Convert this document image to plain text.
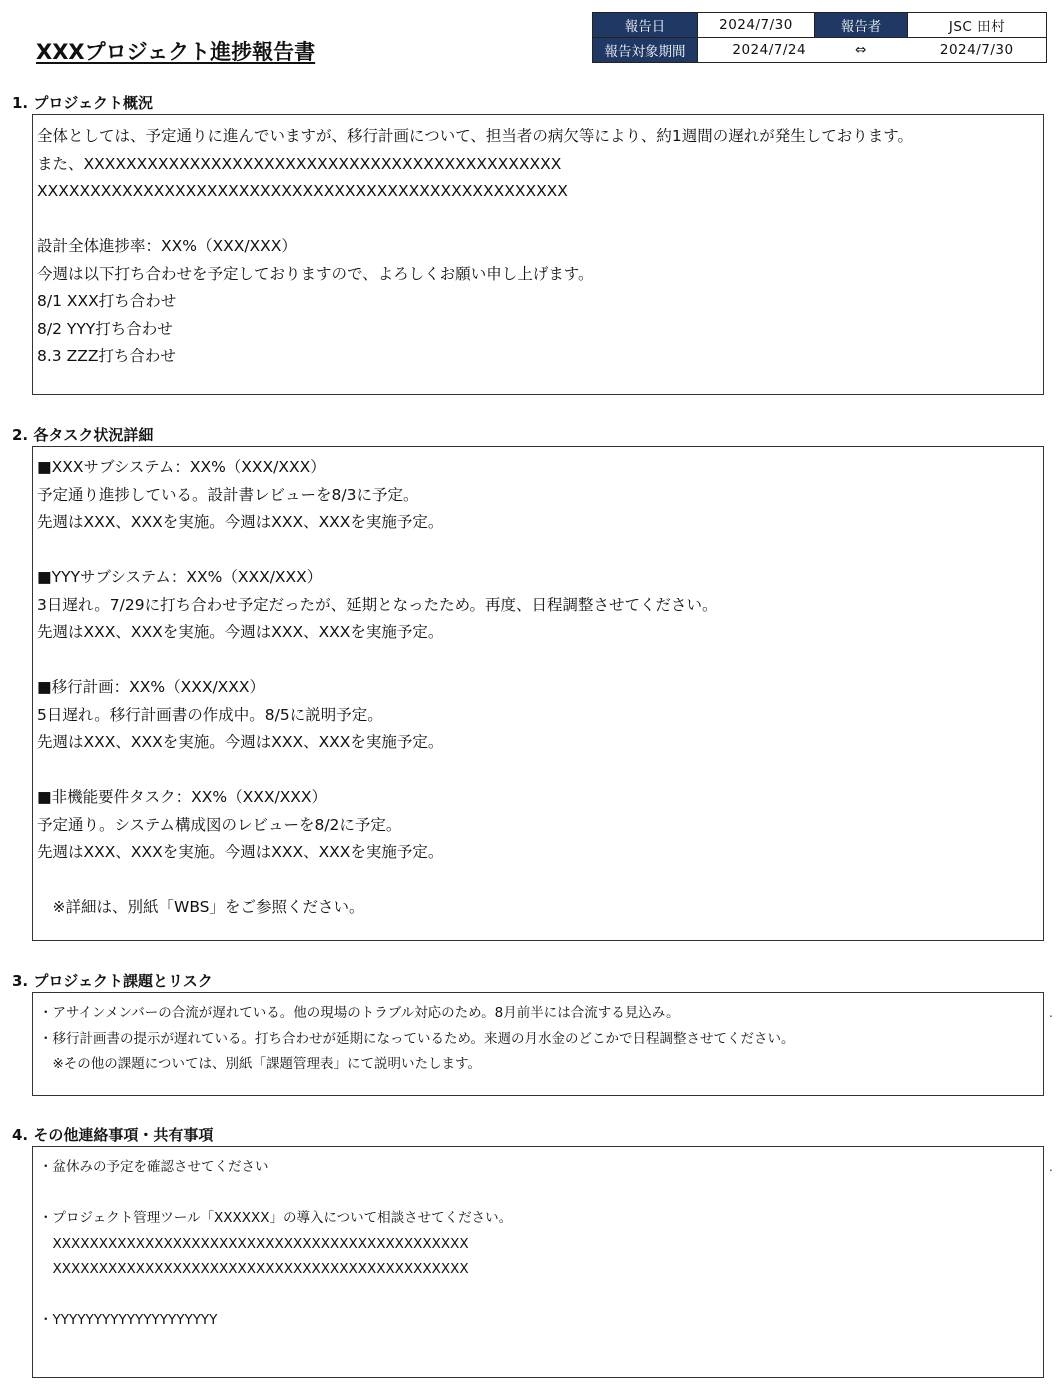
XXXプロジェクト進捗報告書
報告日	2024/7/30	報告者	JSC 田村
報告対象期間	2024/7/24	⇔	2024/7/30
1. プロジェクト概況
全体としては、予定通りに進んでいますが、移行計画について、担当者の病欠等により、約1週間の遅れが発生しております。
また、XXXXXXXXXXXXXXXXXXXXXXXXXXXXXXXXXXXXXXXXXXXXX
XXXXXXXXXXXXXXXXXXXXXXXXXXXXXXXXXXXXXXXXXXXXXXXXXX
設計全体進捗率：XX%（XXX/XXX）
今週は以下打ち合わせを予定しておりますので、よろしくお願い申し上げます。
8/1 XXX打ち合わせ
8/2 YYY打ち合わせ
8.3 ZZZ打ち合わせ
2. 各タスク状況詳細
■XXXサブシステム：XX%（XXX/XXX）
予定通り進捗している。設計書レビューを8/3に予定。
先週はXXX、XXXを実施。今週はXXX、XXXを実施予定。
■YYYサブシステム：XX%（XXX/XXX）
3日遅れ。7/29に打ち合わせ予定だったが、延期となったため。再度、日程調整させてください。
先週はXXX、XXXを実施。今週はXXX、XXXを実施予定。
■移行計画：XX%（XXX/XXX）
5日遅れ。移行計画書の作成中。8/5に説明予定。
先週はXXX、XXXを実施。今週はXXX、XXXを実施予定。
■非機能要件タスク：XX%（XXX/XXX）
予定通り。システム構成図のレビューを8/2に予定。
先週はXXX、XXXを実施。今週はXXX、XXXを実施予定。
　※詳細は、別紙「WBS」をご参照ください。
3. プロジェクト課題とリスク
・アサインメンバーの合流が遅れている。他の現場のトラブル対応のため。8月前半には合流する見込み。
・移行計画書の提示が遅れている。打ち合わせが延期になっているため。来週の月水金のどこかで日程調整させてください。
　※その他の課題については、別紙「課題管理表」にて説明いたします。
.
4. その他連絡事項・共有事項
・盆休みの予定を確認させてください
・プロジェクト管理ツール「XXXXXX」の導入について相談させてください。
　XXXXXXXXXXXXXXXXXXXXXXXXXXXXXXXXXXXXXXXXXXXXX
　XXXXXXXXXXXXXXXXXXXXXXXXXXXXXXXXXXXXXXXXXXXXX
・YYYYYYYYYYYYYYYYYYYY
.
